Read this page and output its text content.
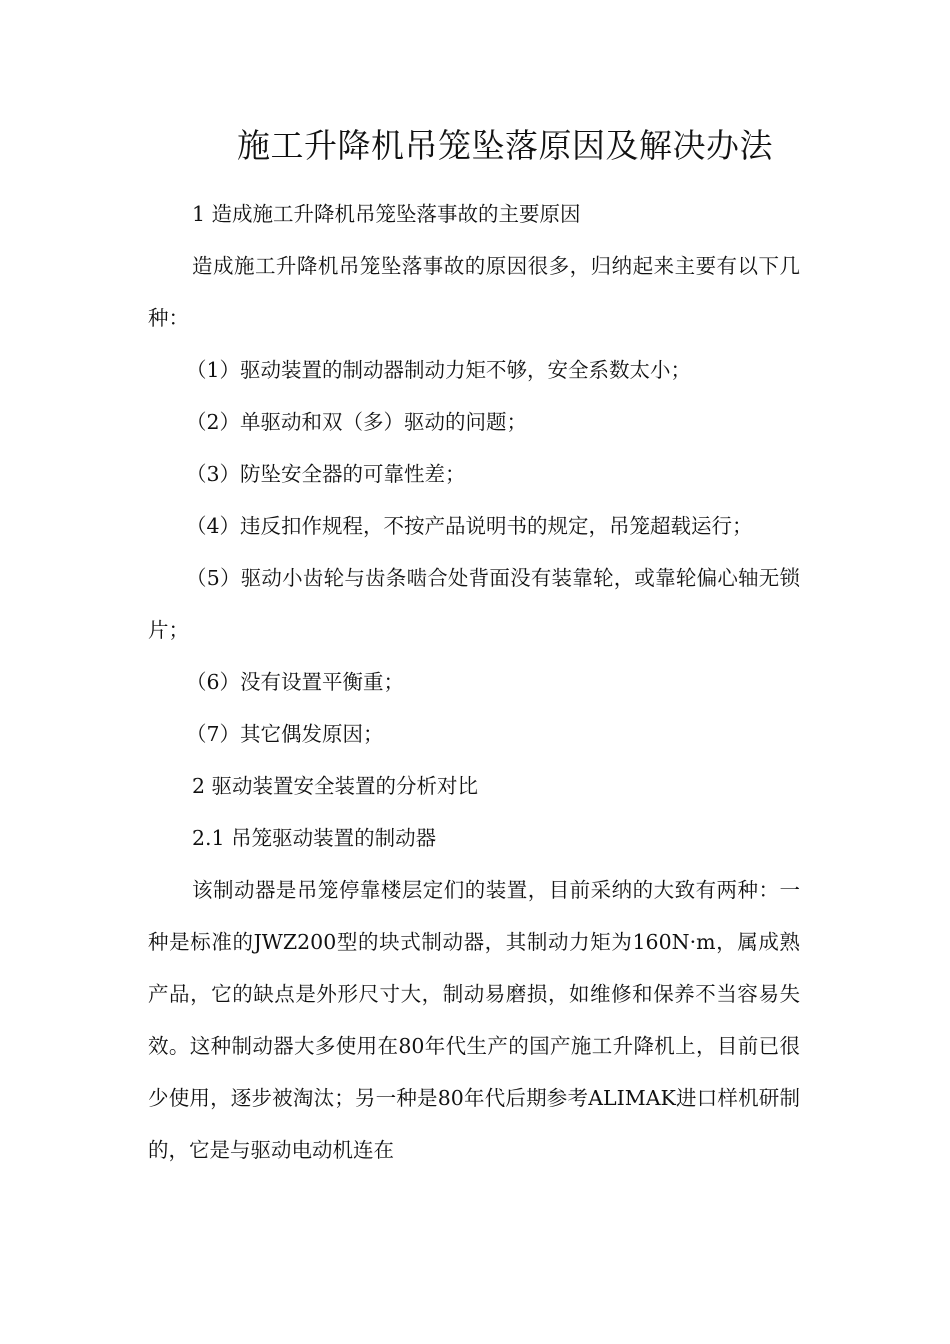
施工升降机吊笼坠落原因及解决办法

1 造成施工升降机吊笼坠落事故的主要原因

造成施工升降机吊笼坠落事故的原因很多，归纳起来主要有以下几种：

（1）驱动装置的制动器制动力矩不够，安全系数太小；

（2）单驱动和双（多）驱动的问题；

（3）防坠安全器的可靠性差；

（4）违反扣作规程，不按产品说明书的规定，吊笼超载运行；

（5）驱动小齿轮与齿条啮合处背面没有装靠轮，或靠轮偏心轴无锁片；

（6）没有设置平衡重；

（7）其它偶发原因；

2 驱动装置安全装置的分析对比

2.1 吊笼驱动装置的制动器

该制动器是吊笼停靠楼层定们的装置，目前采纳的大致有两种：一种是标准的JWZ200型的块式制动器，其制动力矩为160N·m，属成熟产品，它的缺点是外形尺寸大，制动易磨损，如维修和保养不当容易失效。这种制动器大多使用在80年代生产的国产施工升降机上，目前已很少使用，逐步被淘汰；另一种是80年代后期参考ALIMAK进口样机研制的，它是与驱动电动机连在
